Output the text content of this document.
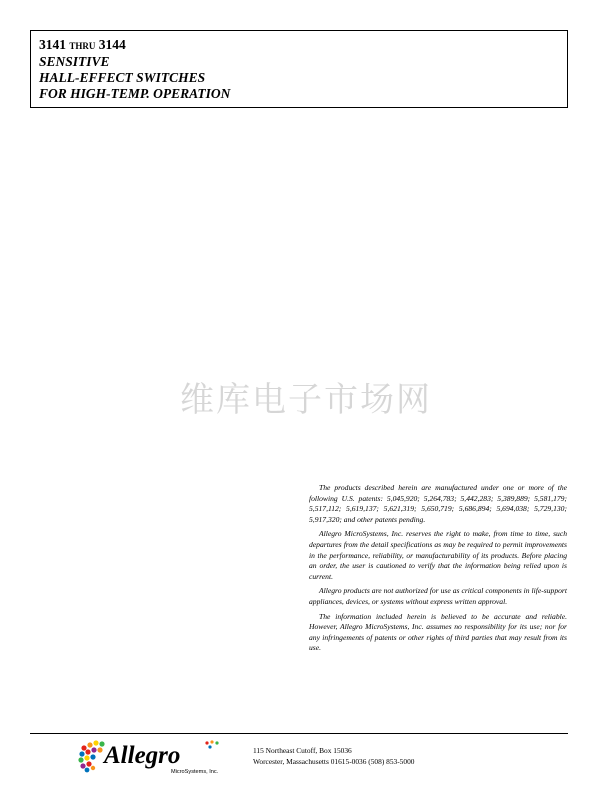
3141 THRU 3144
SENSITIVE
HALL-EFFECT SWITCHES
FOR HIGH-TEMP. OPERATION
维库电子市场网

The products described herein are manufactured under one or more of the following U.S. patents: 5,045,920; 5,264,783; 5,442,283; 5,389,889; 5,581,179; 5,517,112; 5,619,137; 5,621,319; 5,650,719; 5,686,894; 5,694,038; 5,729,130; 5,917,320; and other patents pending.

Allegro MicroSystems, Inc. reserves the right to make, from time to time, such departures from the detail specifications as may be required to permit improvements in the performance, reliability, or manufacturability of its products. Before placing an order, the user is cautioned to verify that the information being relied upon is current.

Allegro products are not authorized for use as critical components in life-support appliances, devices, or systems without express written approval.

The information included herein is believed to be accurate and reliable. However, Allegro MicroSystems, Inc. assumes no responsibility for its use; nor for any infringements of patents or other rights of third parties that may result from its use.

Allegro
MicroSystems, Inc.
115 Northeast Cutoff, Box 15036
Worcester, Massachusetts 01615-0036 (508) 853-5000
